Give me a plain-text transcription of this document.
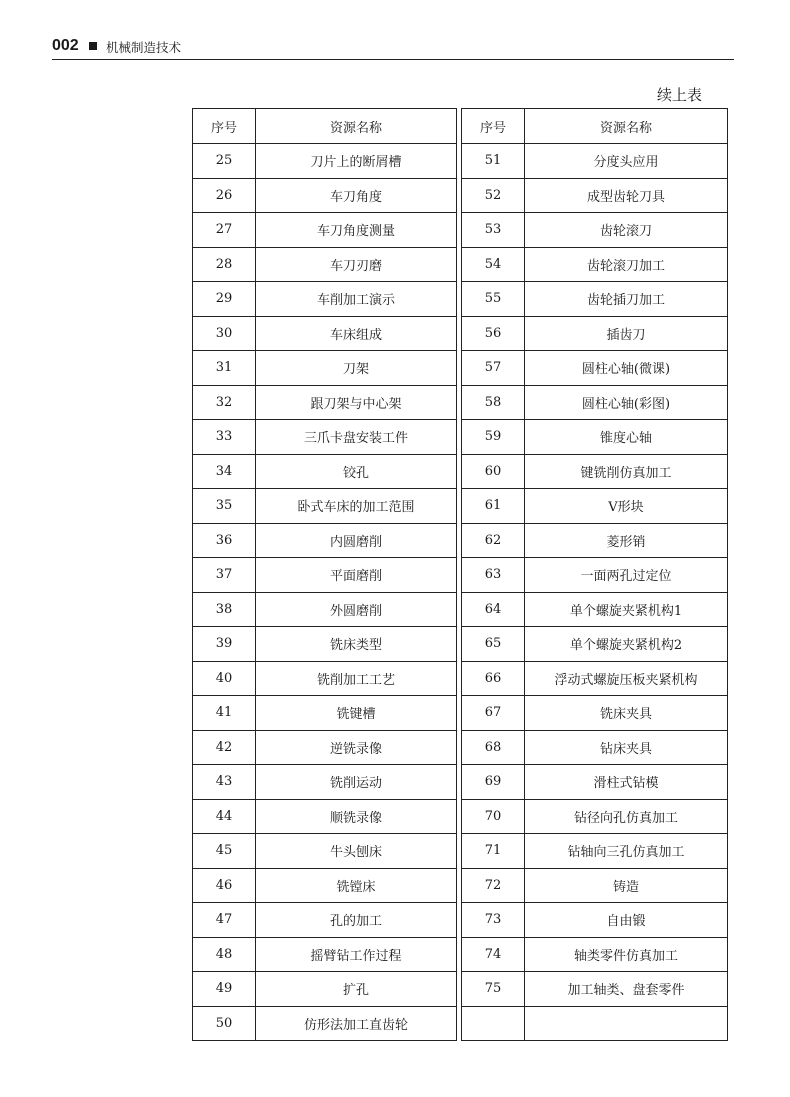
002 机械制造技术
续上表
序号	资源名称		序号	资源名称
25	刀片上的断屑槽		51	分度头应用
26	车刀角度		52	成型齿轮刀具
27	车刀角度测量		53	齿轮滚刀
28	车刀刃磨		54	齿轮滚刀加工
29	车削加工演示		55	齿轮插刀加工
30	车床组成		56	插齿刀
31	刀架		57	圆柱心轴(微课)
32	跟刀架与中心架		58	圆柱心轴(彩图)
33	三爪卡盘安装工件		59	锥度心轴
34	铰孔		60	键铣削仿真加工
35	卧式车床的加工范围		61	V形块
36	内圆磨削		62	菱形销
37	平面磨削		63	一面两孔过定位
38	外圆磨削		64	单个螺旋夹紧机构1
39	铣床类型		65	单个螺旋夹紧机构2
40	铣削加工工艺		66	浮动式螺旋压板夹紧机构
41	铣键槽		67	铣床夹具
42	逆铣录像		68	钻床夹具
43	铣削运动		69	滑柱式钻模
44	顺铣录像		70	钻径向孔仿真加工
45	牛头刨床		71	钻轴向三孔仿真加工
46	铣镗床		72	铸造
47	孔的加工		73	自由锻
48	摇臂钻工作过程		74	轴类零件仿真加工
49	扩孔		75	加工轴类、盘套零件
50	仿形法加工直齿轮			
